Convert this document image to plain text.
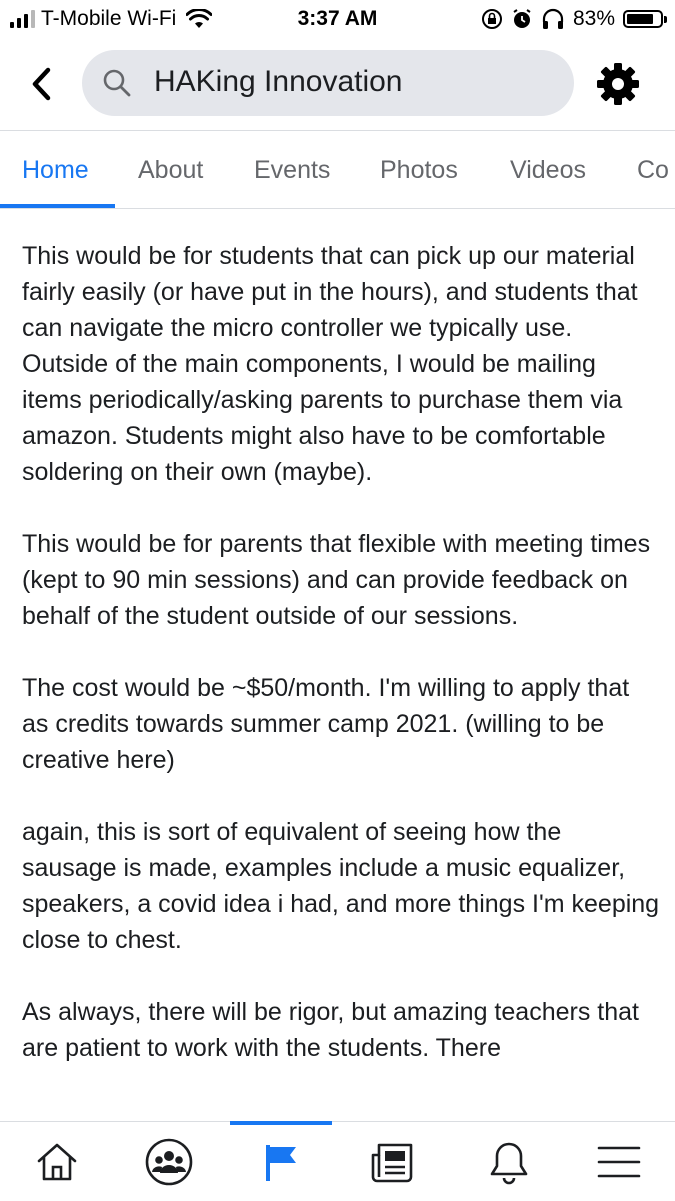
T-Mobile Wi-Fi	3:37 AM	83%
HAKing Innovation
Home About Events Photos Videos Co

This would be for students that can pick up our material fairly easily (or have put in the hours), and students that can navigate the micro controller we typically use. Outside of the main components, I would be mailing items periodically/asking parents to purchase them via amazon. Students might also have to be comfortable soldering on their own (maybe).

This would be for parents that flexible with meeting times (kept to 90 min sessions) and can provide feedback on behalf of the student outside of our sessions.

The cost would be ~$50/month. I'm willing to apply that as credits towards summer camp 2021. (willing to be creative here)

again, this is sort of equivalent of seeing how the sausage is made, examples include a music equalizer, speakers, a covid idea i had, and more things I'm keeping close to chest.

As always, there will be rigor, but amazing teachers that are patient to work with the students. There
